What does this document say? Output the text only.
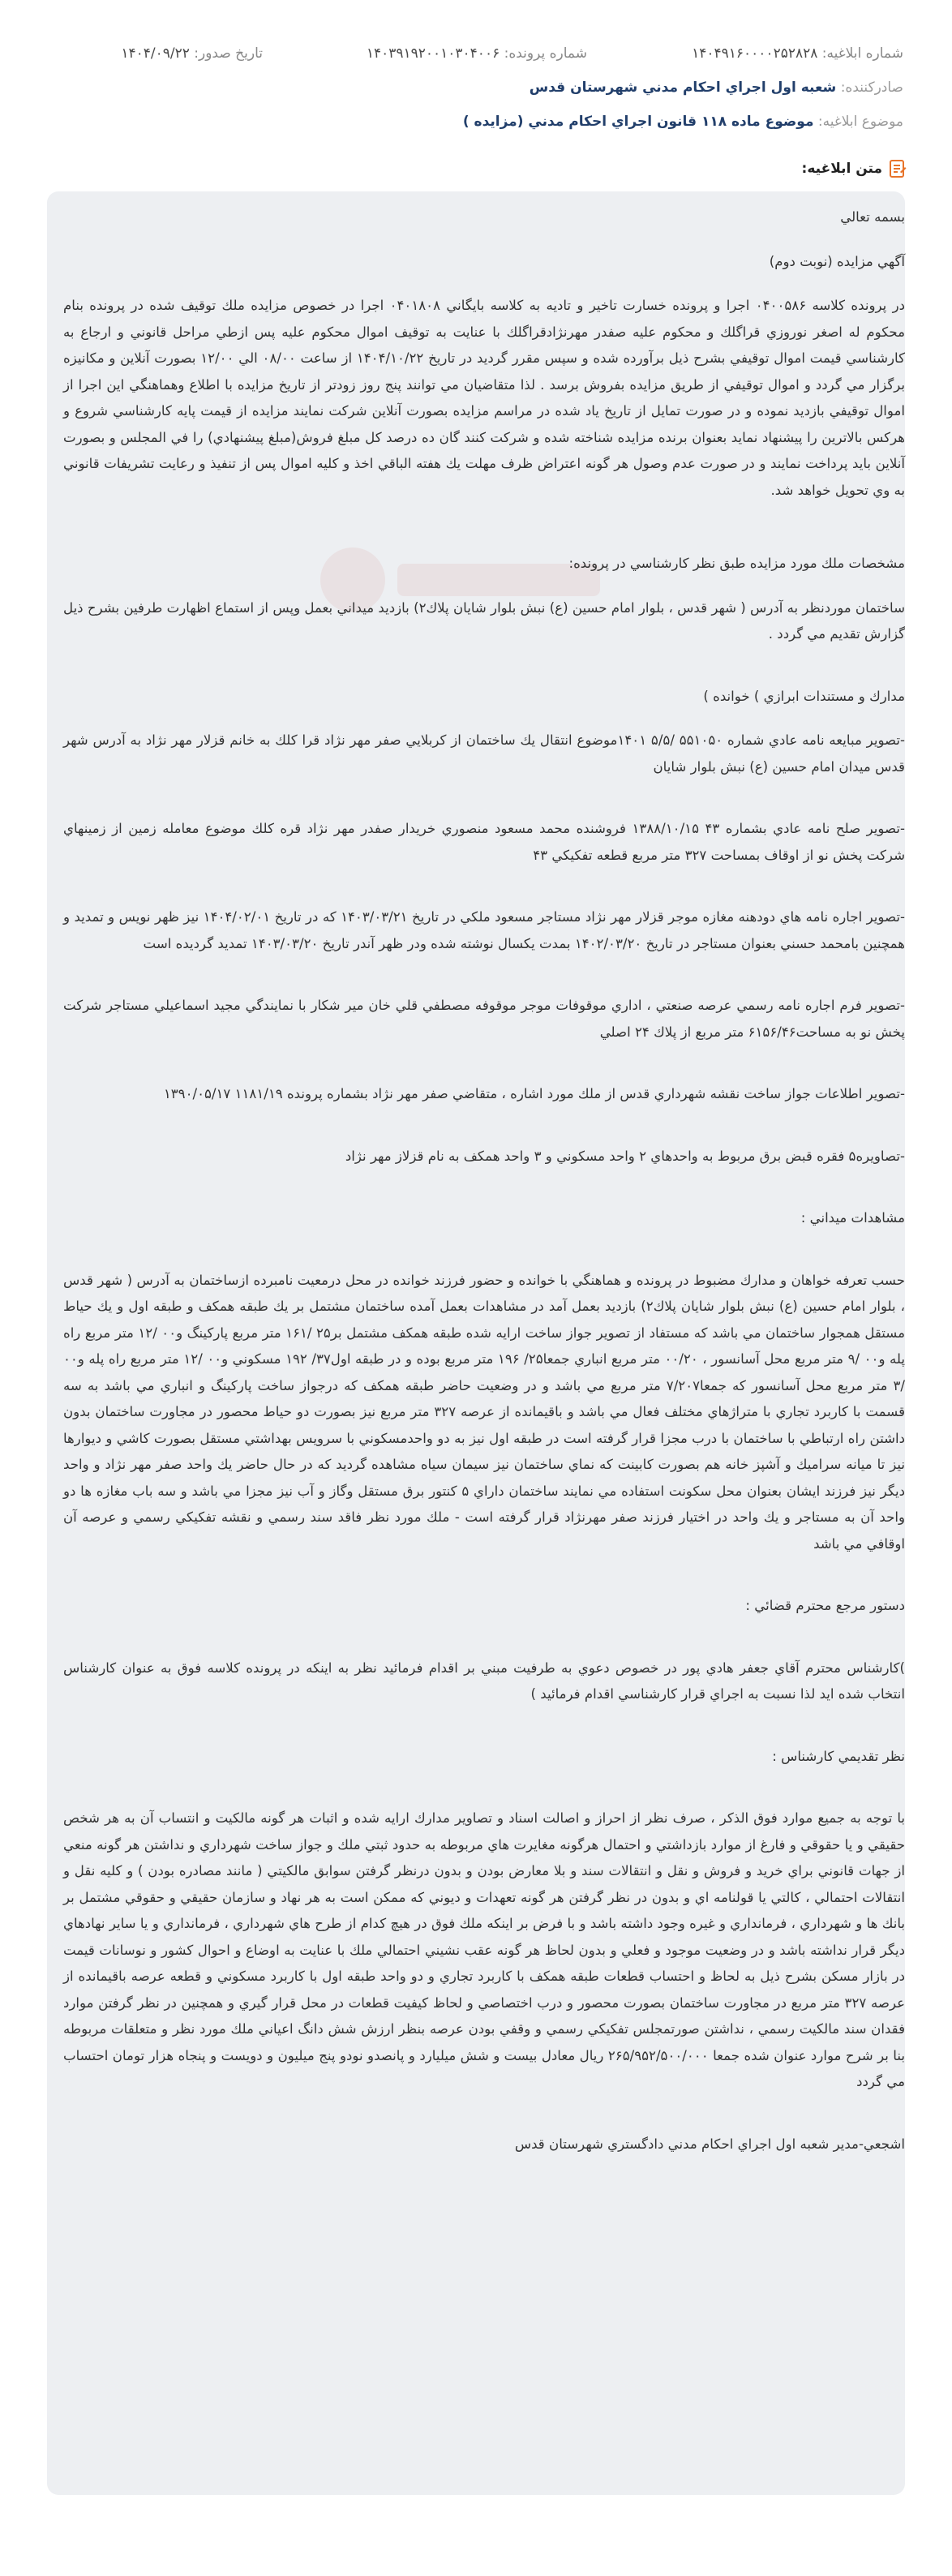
شماره ابلاغیه: ۱۴۰۴۹۱۶۰۰۰۰۲۵۲۸۲۸
شماره پرونده: ۱۴۰۳۹۱۹۲۰۰۱۰۳۰۴۰۰۶
تاریخ صدور: ۱۴۰۴/۰۹/۲۲
صادرکننده: شعبه اول اجراي احكام مدني شهرستان قدس
موضوع ابلاغیه: موضوع ماده ۱۱۸ قانون اجراي احكام مدني (مزايده )
متن ابلاغیه:

بسمه تعالي

آگهي مزايده (نوبت دوم)

در پرونده كلاسه ۰۴۰۰۵۸۶ اجرا و پرونده خسارت تاخير و تاديه به كلاسه بايگاني ۰۴۰۱۸۰۸ اجرا در خصوص مزايده ملك توقيف شده در پرونده بنام محكوم له اصغر نوروزي قراگلك و محكوم عليه صفدر مهرنژادقراگلك با عنايت به توقيف اموال محكوم عليه پس ازطي مراحل قانوني و ارجاع به كارشناسي قيمت اموال توقيفي بشرح ذيل برآورده شده و سپس مقرر گرديد در تاريخ ۱۴۰۴/۱۰/۲۲ از ساعت ۰۸/۰۰ الي ۱۲/۰۰ بصورت آنلاين و مكانيزه برگزار مي گردد و اموال توقيفي از طريق مزايده بفروش برسد . لذا متقاضيان مي توانند پنج روز زودتر از تاريخ مزايده با اطلاع وهماهنگي اين اجرا از اموال توقيفي بازديد نموده و در صورت تمايل از تاريخ ياد شده در مراسم مزايده بصورت آنلاين شركت نمايند مزايده از قيمت پايه كارشناسي شروع و هركس بالاترين را پيشنهاد نمايد بعنوان برنده مزايده شناخته شده و شركت كنند گان ده درصد كل مبلغ فروش(مبلغ پيشنهادي) را في المجلس و بصورت آنلاين بايد پرداخت نمايند و در صورت عدم وصول هر گونه اعتراض ظرف مهلت يك هفته الباقي اخذ و كليه اموال پس از تنفيذ و رعايت تشريفات قانوني به وي تحويل خواهد شد.

مشخصات ملك مورد مزايده طبق نظر كارشناسي در پرونده:

ساختمان موردنظر به آدرس ( شهر قدس ، بلوار امام حسين (ع) نبش بلوار شايان پلاك۲) بازديد ميداني بعمل وپس از استماع اظهارت طرفين بشرح ذيل گزارش تقديم مي گردد .

مدارك و مستندات ابرازي ) خوانده )

-تصوير مبايعه نامه عادي شماره ۵۵۱۰۵۰ /۵/۵ ۱۴۰۱موضوع انتقال يك ساختمان از كربلايي صفر مهر نژاد قرا كلك به خانم قزلار مهر نژاد به آدرس شهر قدس ميدان امام حسين (ع) نبش بلوار شايان

-تصوير صلح نامه عادي بشماره ۴۳ ۱۳۸۸/۱۰/۱۵ فروشنده محمد مسعود منصوري خريدار صفدر مهر نژاد قره كلك موضوع معامله زمين از زمينهاي شركت پخش نو از اوقاف بمساحت ۳۲۷ متر مربع قطعه تفكيكي ۴۳

-تصوير اجاره نامه هاي دودهنه مغازه موجر قزلار مهر نژاد مستاجر مسعود ملكي در تاريخ ۱۴۰۳/۰۳/۲۱ كه در تاريخ ۱۴۰۴/۰۲/۰۱ نيز ظهر نويس و تمديد و همچنين بامحمد حسني بعنوان مستاجر در تاريخ ۱۴۰۲/۰۳/۲۰ بمدت يكسال نوشته شده ودر ظهر آندر تاريخ ۱۴۰۳/۰۳/۲۰ تمديد گرديده است

-تصوير فرم اجاره نامه رسمي عرصه صنعتي ، اداري موقوفات موجر موقوفه مصطفي قلي خان مير شكار با نمايندگي مجيد اسماعيلي مستاجر شركت پخش نو به مساحت۶۱۵۶/۴۶ متر مربع از پلاك ۲۴ اصلي

-تصوير اطلاعات جواز ساخت نقشه شهرداري قدس از ملك مورد اشاره ، متقاضي صفر مهر نژاد بشماره پرونده ۱۱۸۱/۱۹ ۱۳۹۰/۰۵/۱۷

-تصاويره۵ فقره قبض برق مربوط به واحدهاي ۲ واحد مسكوني و ۳ واحد همكف به نام قزلاز مهر نژاد

مشاهدات ميداني :

حسب تعرفه خواهان و مدارك مضبوط در پرونده و هماهنگي با خوانده و حضور فرزند خوانده در محل درمعيت نامبرده ازساختمان به آدرس ( شهر قدس ، بلوار امام حسين (ع) نبش بلوار شايان پلاك۲) بازديد بعمل آمد در مشاهدات بعمل آمده ساختمان مشتمل بر يك طبقه همكف و طبقه اول و يك حياط مستقل همجوار ساختمان مي باشد كه مستفاد از تصوير جواز ساخت ارايه شده طبقه همكف مشتمل بر۲۵ /۱۶۱ متر مربع پاركينگ و۰۰ /۱۲ متر مربع راه پله و۰۰ /۹ متر مربع محل آسانسور ، ۰۰/۲۰ متر مربع انباري جمعا۲۵/ ۱۹۶ متر مربع بوده و در طبقه اول۳۷/ ۱۹۲ مسكوني و۰۰ /۱۲ متر مربع راه پله و۰۰ /۳ متر مربع محل آسانسور كه جمعا۷/۲۰۷ متر مربع مي باشد و در وضعيت حاضر طبقه همكف كه درجواز ساخت پاركينگ و انباري مي باشد به سه قسمت با كاربرد تجاري با متراژهاي مختلف فعال مي باشد و باقيمانده از عرصه ۳۲۷ متر مربع نيز بصورت دو حياط محصور در مجاورت ساختمان بدون داشتن راه ارتباطي با ساختمان با درب مجزا قرار گرفته است در طبقه اول نيز به دو واحدمسكوني با سرويس بهداشتي مستقل بصورت كاشي و ديوارها نيز تا ميانه سراميك و آشپز خانه هم بصورت كابينت كه نماي ساختمان نيز سيمان سياه مشاهده گرديد كه در حال حاضر يك واحد صفر مهر نژاد و واحد ديگر نيز فرزند ايشان بعنوان محل سكونت استفاده مي نمايند ساختمان داراي ۵ كنتور برق مستقل وگاز و آب نيز مجزا مي باشد و سه باب مغازه ها دو واحد آن به مستاجر و يك واحد در اختيار فرزند صفر مهرنژاد قرار گرفته است - ملك مورد نظر فاقد سند رسمي و نقشه تفكيكي رسمي و عرصه آن اوقافي مي باشد

دستور مرجع محترم قضائي :

)كارشناس محترم آقاي جعفر هادي پور در خصوص دعوي به طرفيت مبني بر اقدام فرمائيد نظر به اينكه در پرونده كلاسه فوق به عنوان كارشناس انتخاب شده ايد لذا نسبت به اجراي قرار كارشناسي اقدام فرمائيد )

نظر تقديمي كارشناس :

با توجه به جميع موارد فوق الذكر ، صرف نظر از احراز و اصالت اسناد و تصاوير مدارك ارايه شده و اثبات هر گونه مالكيت و انتساب آن به هر شخص حقيقي و يا حقوقي و فارغ از موارد بازداشتي و احتمال هرگونه مغايرت هاي مربوطه به حدود ثبتي ملك و جواز ساخت شهرداري و نداشتن هر گونه منعي از جهات قانوني براي خريد و فروش و نقل و انتقالات سند و بلا معارض بودن و بدون درنظر گرفتن سوابق مالكيتي ( مانند مصادره بودن ) و كليه نقل و انتقالات احتمالي ، كالتي يا قولنامه اي و بدون در نظر گرفتن هر گونه تعهدات و ديوني كه ممكن است به هر نهاد و سازمان حقيقي و حقوقي مشتمل بر بانك ها و شهرداري ، فرمانداري و غيره وجود داشته باشد و با فرض بر اينكه ملك فوق در هيچ كدام از طرح هاي شهرداري ، فرمانداري و يا ساير نهادهاي ديگر قرار نداشته باشد و در وضعيت موجود و فعلي و بدون لحاظ هر گونه عقب نشيني احتمالي ملك با عنايت به اوضاع و احوال كشور و نوسانات قيمت در بازار مسكن بشرح ذيل به لحاظ و احتساب قطعات طبقه همكف با كاربرد تجاري و دو واحد طبقه اول با كاربرد مسكوني و قطعه عرصه باقيمانده از عرصه ۳۲۷ متر مربع در مجاورت ساختمان بصورت محصور و درب اختصاصي و لحاظ كيفيت قطعات در محل قرار گيري و همچنين در نظر گرفتن موارد فقدان سند مالكيت رسمي ، نداشتن صورتمجلس تفكيكي رسمي و وقفي بودن عرصه بنظر ارزش شش دانگ اعياني ملك مورد نظر و متعلقات مربوطه بنا بر شرح موارد عنوان شده جمعا ۲۶۵/۹۵۲/۵۰۰/۰۰۰ ريال معادل بيست و شش ميليارد و پانصدو نودو پنج ميليون و دويست و پنجاه هزار تومان احتساب مي گردد

اشجعي-مدير شعبه اول اجراي احكام مدني دادگستري شهرستان قدس
